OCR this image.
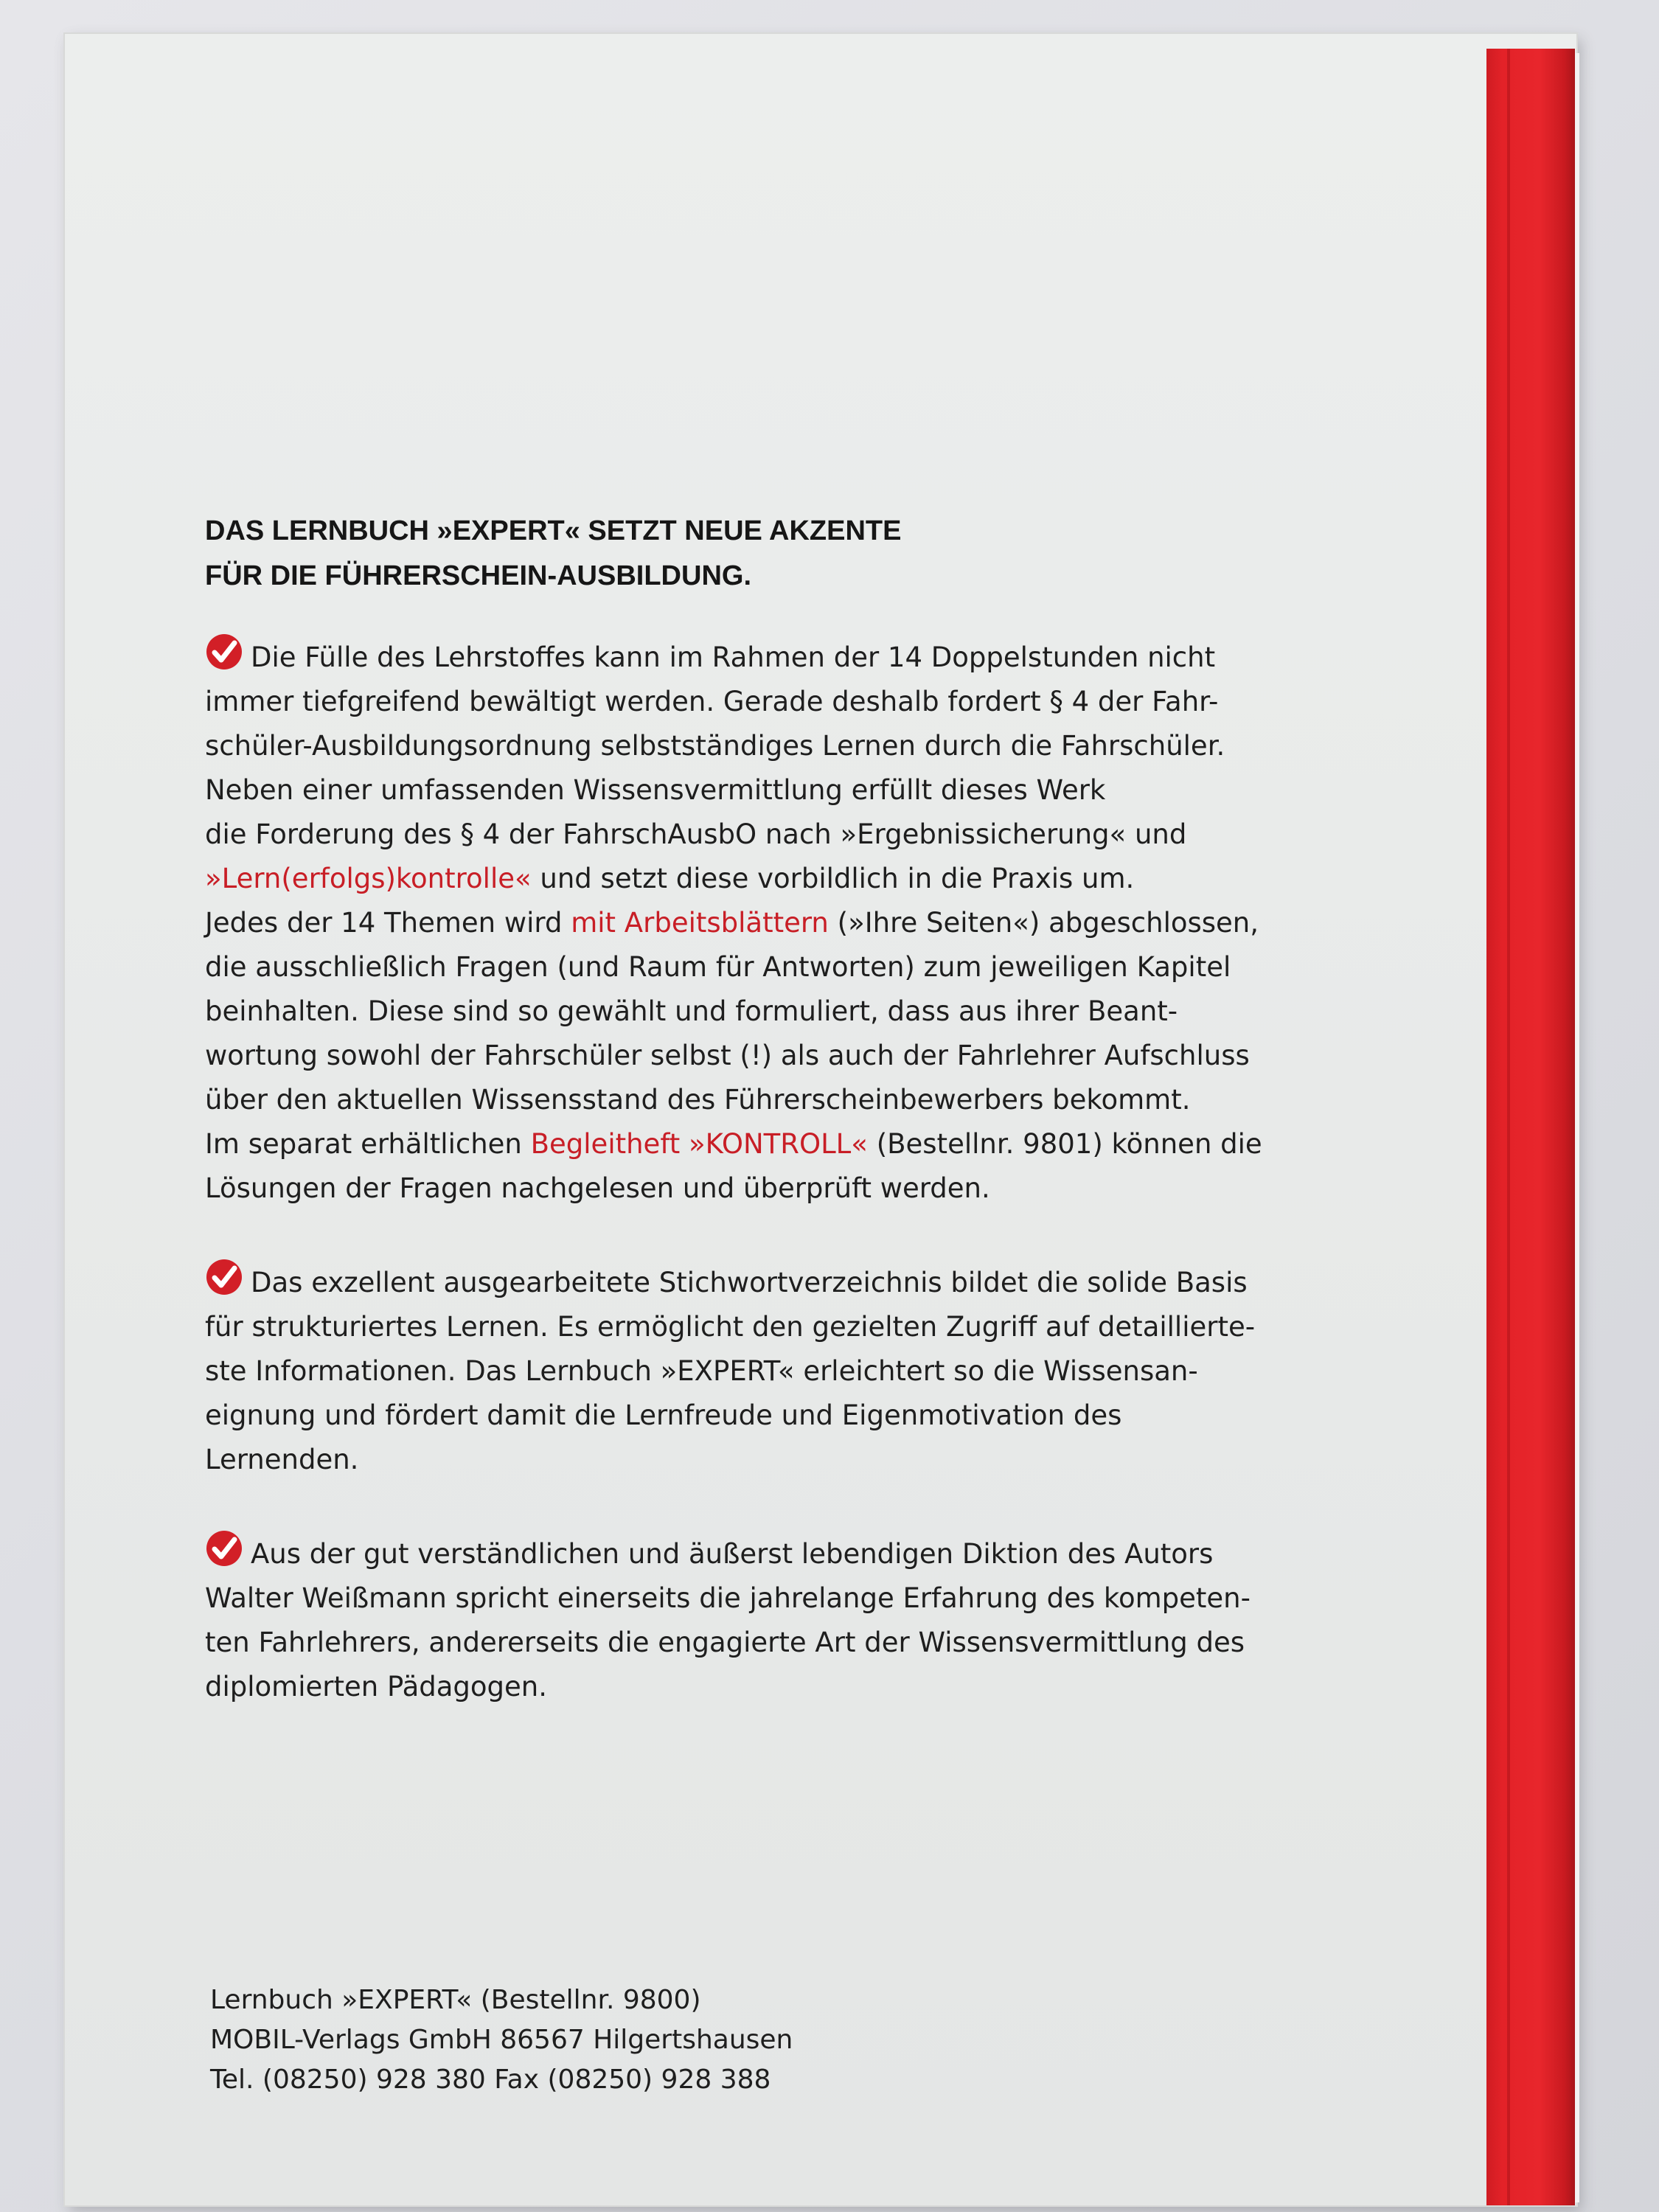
DAS LERNBUCH »EXPERT« SETZT NEUE AKZENTE
FÜR DIE FÜHRERSCHEIN-AUSBILDUNG.
Die Fülle des Lehrstoffes kann im Rahmen der 14 Doppelstunden nicht
immer tiefgreifend bewältigt werden. Gerade deshalb fordert § 4 der Fahr-
schüler-Ausbildungsordnung selbstständiges Lernen durch die Fahrschüler.
Neben einer umfassenden Wissensvermittlung erfüllt dieses Werk
die Forderung des § 4 der FahrschAusbO nach »Ergebnissicherung« und
»Lern(erfolgs)kontrolle« und setzt diese vorbildlich in die Praxis um.
Jedes der 14 Themen wird mit Arbeitsblättern (»Ihre Seiten«) abgeschlossen,
die ausschließlich Fragen (und Raum für Antworten) zum jeweiligen Kapitel
beinhalten. Diese sind so gewählt und formuliert, dass aus ihrer Beant-
wortung sowohl der Fahrschüler selbst (!) als auch der Fahrlehrer Aufschluss
über den aktuellen Wissensstand des Führerscheinbewerbers bekommt.
Im separat erhältlichen Begleitheft »KONTROLL« (Bestellnr. 9801) können die
Lösungen der Fragen nachgelesen und überprüft werden.
Das exzellent ausgearbeitete Stichwortverzeichnis bildet die solide Basis
für strukturiertes Lernen. Es ermöglicht den gezielten Zugriff auf detaillierte-
ste Informationen. Das Lernbuch »EXPERT« erleichtert so die Wissensan-
eignung und fördert damit die Lernfreude und Eigenmotivation des
Lernenden.
Aus der gut verständlichen und äußerst lebendigen Diktion des Autors
Walter Weißmann spricht einerseits die jahrelange Erfahrung des kompeten-
ten Fahrlehrers, andererseits die engagierte Art der Wissensvermittlung des
diplomierten Pädagogen.
Lernbuch »EXPERT« (Bestellnr. 9800)
MOBIL-Verlags GmbH 86567 Hilgertshausen
Tel. (08250) 928 380 Fax (08250) 928 388
